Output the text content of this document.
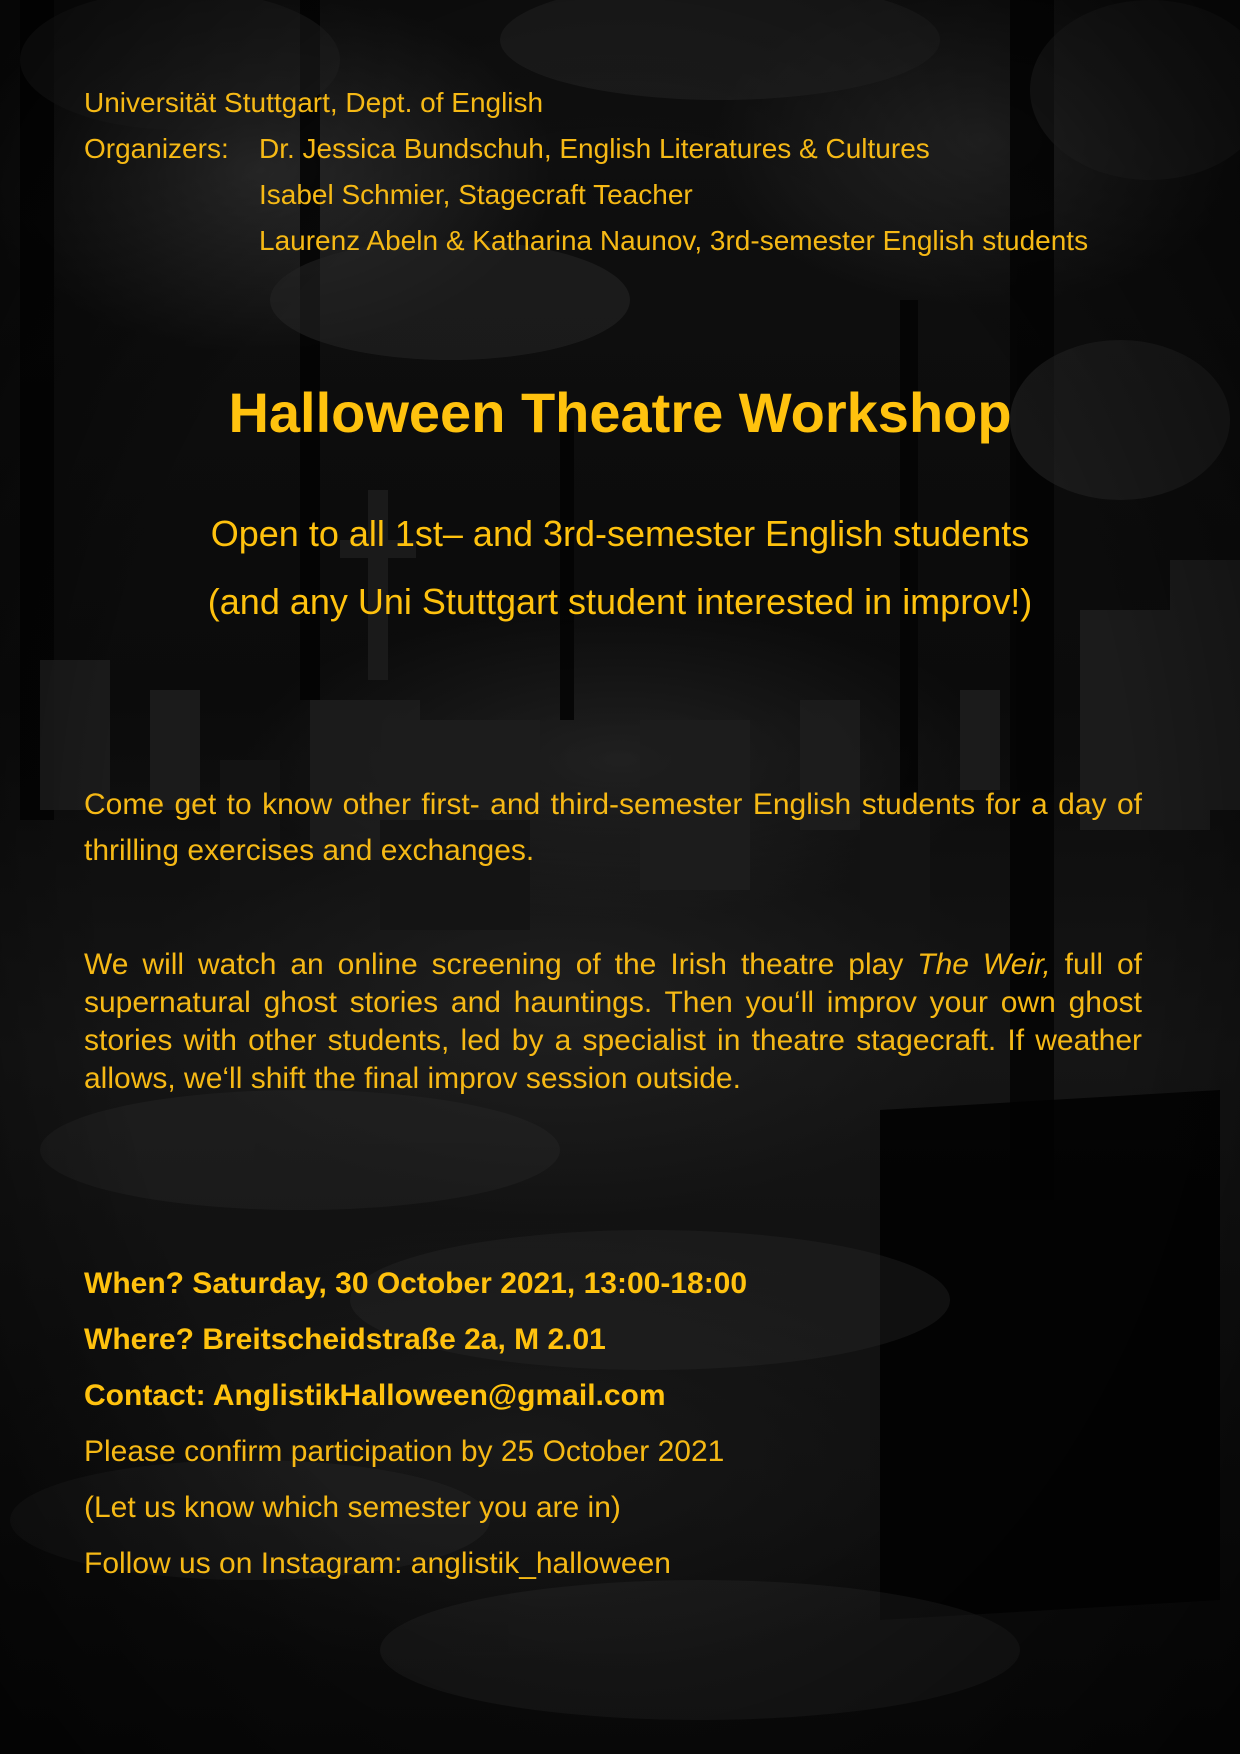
Universität Stuttgart, Dept. of English
Organizers:	Dr. Jessica Bundschuh, English Literatures & Cultures
Isabel Schmier, Stagecraft Teacher
Laurenz Abeln & Katharina Naunov, 3rd-semester English students
Halloween Theatre Workshop
Open to all 1st– and 3rd-semester English students
(and any Uni Stuttgart student interested in improv!)
Come get to know other first- and third-semester English students for a day of thrilling exercises and exchanges.
We will watch an online screening of the Irish theatre play The Weir, full of supernatural ghost stories and hauntings. Then you‘ll improv your own ghost stories with other students, led by a specialist in theatre stagecraft. If weather allows, we‘ll shift the final improv session outside.
When? Saturday, 30 October 2021, 13:00-18:00
Where? Breitscheidstraße 2a, M 2.01
Contact: AnglistikHalloween@gmail.com
Please confirm participation by 25 October 2021
(Let us know which semester you are in)
Follow us on Instagram: anglistik_halloween
